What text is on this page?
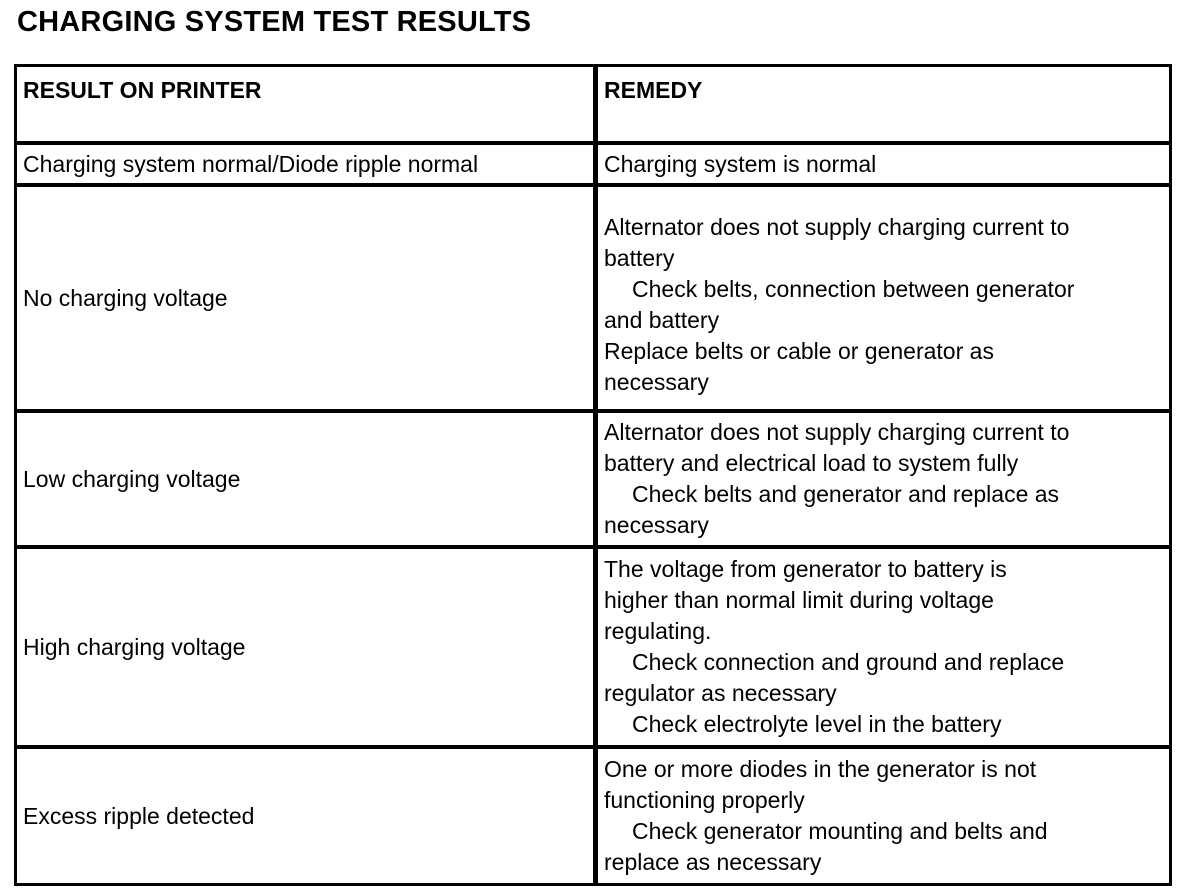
CHARGING SYSTEM TEST RESULTS
RESULT ON PRINTER	REMEDY
Charging system normal/Diode ripple normal	Charging system is normal
No charging voltage
Alternator does not supply charging current to
battery
Check belts, connection between generator
and battery
Replace belts or cable or generator as
necessary
Low charging voltage
Alternator does not supply charging current to
battery and electrical load to system fully
Check belts and generator and replace as
necessary
High charging voltage
The voltage from generator to battery is
higher than normal limit during voltage
regulating.
Check connection and ground and replace
regulator as necessary
Check electrolyte level in the battery
Excess ripple detected
One or more diodes in the generator is not
functioning properly
Check generator mounting and belts and
replace as necessary
